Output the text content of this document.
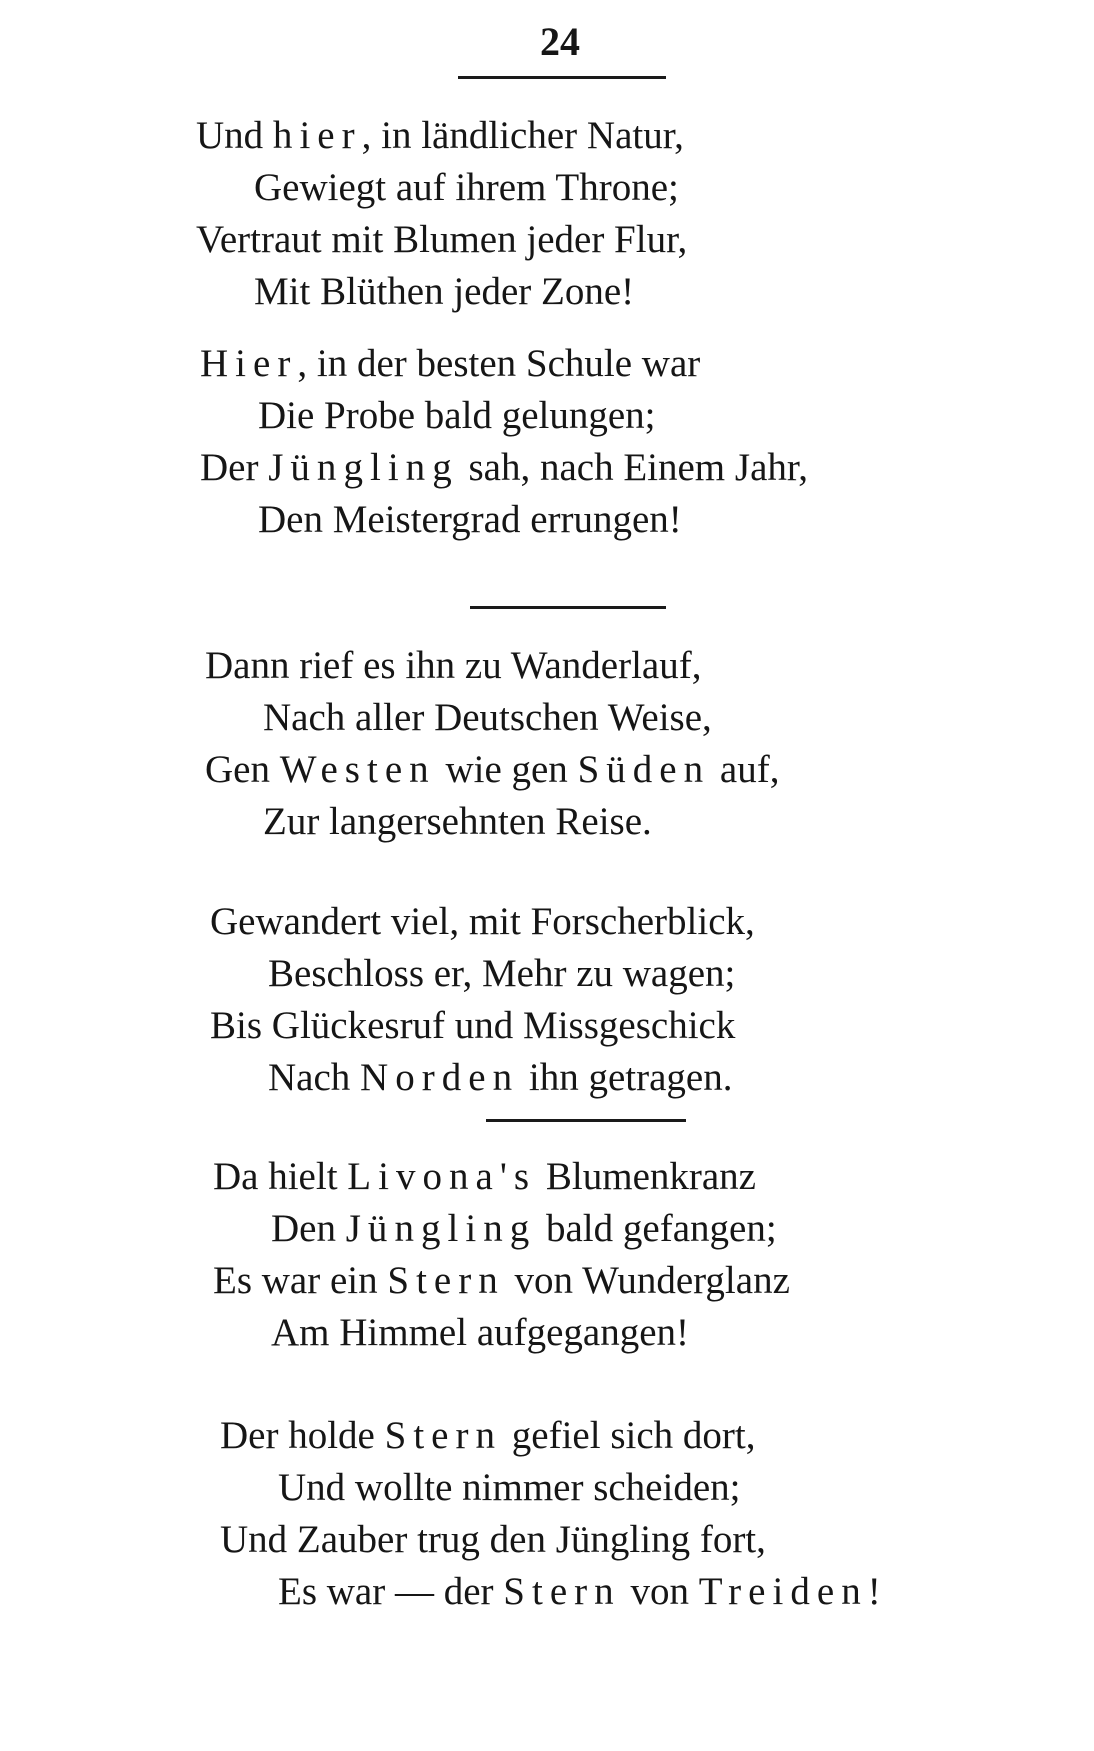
24
Und hier, in ländlicher Natur,
Gewiegt auf ihrem Throne;
Vertraut mit Blumen jeder Flur,
Mit Blüthen jeder Zone!
Hier, in der besten Schule war
Die Probe bald gelungen;
Der Jüngling sah, nach Einem Jahr,
Den Meistergrad errungen!
Dann rief es ihn zu Wanderlauf,
Nach aller Deutschen Weise,
Gen Westen wie gen Süden auf,
Zur langersehnten Reise.
Gewandert viel, mit Forscherblick,
Beschloss er, Mehr zu wagen;
Bis Glückesruf und Missgeschick
Nach Norden ihn getragen.
Da hielt Livona's Blumenkranz
Den Jüngling bald gefangen;
Es war ein Stern von Wunderglanz
Am Himmel aufgegangen!
Der holde Stern gefiel sich dort,
Und wollte nimmer scheiden;
Und Zauber trug den Jüngling fort,
Es war — der Stern von Treiden!
